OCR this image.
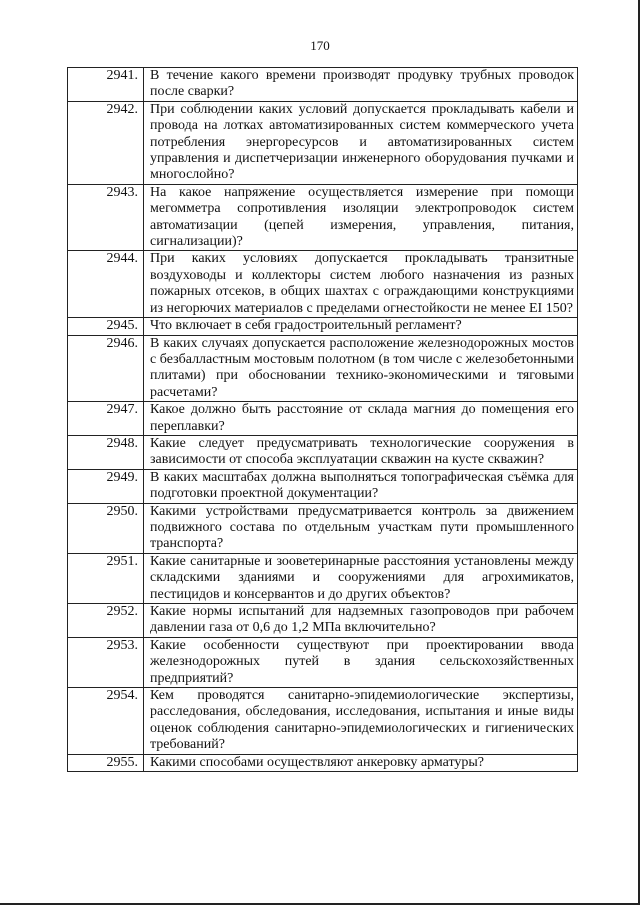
170
2941.	В течение какого времени производят продувку трубных проводок после сварки?
2942.	При соблюдении каких условий допускается прокладывать кабели и провода на лотках автоматизированных систем коммерческого учета потребления энергоресурсов и автоматизированных систем управления и диспетчеризации инженерного оборудования пучками и многослойно?
2943.	На какое напряжение осуществляется измерение при помощи мегомметра сопротивления изоляции электропроводок систем автоматизации (цепей измерения, управления, питания, сигнализации)?
2944.	При каких условиях допускается прокладывать транзитные воздуховоды и коллекторы систем любого назначения из разных пожарных отсеков, в общих шахтах с ограждающими конструкциями из негорючих материалов с пределами огнестойкости не менее EI 150?
2945.	Что включает в себя градостроительный регламент?
2946.	В каких случаях допускается расположение железнодорожных мостов с безбалластным мостовым полотном (в том числе с железобетонными плитами) при обосновании технико-экономическими и тяговыми расчетами?
2947.	Какое должно быть расстояние от склада магния до помещения его переплавки?
2948.	Какие следует предусматривать технологические сооружения в зависимости от способа эксплуатации скважин на кусте скважин?
2949.	В каких масштабах должна выполняться топографическая съёмка для подготовки проектной документации?
2950.	Какими устройствами предусматривается контроль за движением подвижного состава по отдельным участкам пути промышленного транспорта?
2951.	Какие санитарные и зооветеринарные расстояния установлены между складскими зданиями и сооружениями для агрохимикатов, пестицидов и консервантов и до других объектов?
2952.	Какие нормы испытаний для надземных газопроводов при рабочем давлении газа от 0,6 до 1,2 МПа включительно?
2953.	Какие особенности существуют при проектировании ввода железнодорожных путей в здания сельскохозяйственных предприятий?
2954.	Кем проводятся санитарно-эпидемиологические экспертизы, расследования, обследования, исследования, испытания и иные виды оценок соблюдения санитарно-эпидемиологических и гигиенических требований?
2955.	Какими способами осуществляют анкеровку арматуры?
